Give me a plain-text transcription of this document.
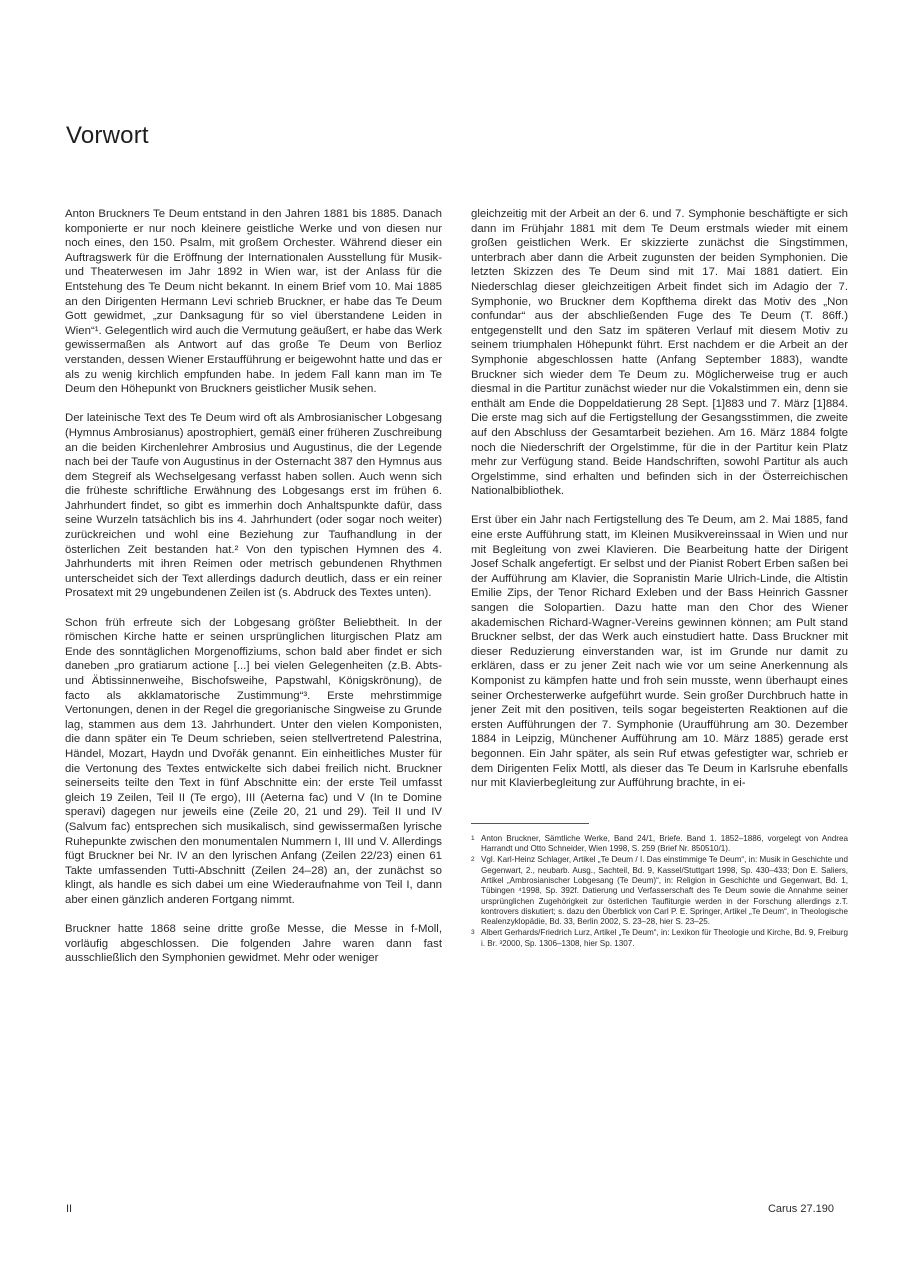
Vorwort

Anton Bruckners Te Deum entstand in den Jahren 1881 bis 1885. Danach komponierte er nur noch kleinere geistliche Werke und von diesen nur noch eines, den 150. Psalm, mit großem Orchester. Während dieser ein Auftragswerk für die Eröffnung der Internationalen Ausstellung für Musik- und Theaterwesen im Jahr 1892 in Wien war, ist der Anlass für die Entstehung des Te Deum nicht bekannt. In einem Brief vom 10. Mai 1885 an den Dirigenten Hermann Levi schrieb Bruckner, er habe das Te Deum Gott gewidmet, „zur Danksagung für so viel überstandene Leiden in Wien“¹. Gelegentlich wird auch die Vermutung geäußert, er habe das Werk gewissermaßen als Antwort auf das große Te Deum von Berlioz verstanden, dessen Wiener Erstaufführung er beigewohnt hatte und das er als zu wenig kirchlich empfunden habe. In jedem Fall kann man im Te Deum den Höhepunkt von Bruckners geistlicher Musik sehen.

Der lateinische Text des Te Deum wird oft als Ambrosianischer Lobgesang (Hymnus Ambrosianus) apostrophiert, gemäß einer früheren Zuschreibung an die beiden Kirchenlehrer Ambrosius und Augustinus, die der Legende nach bei der Taufe von Augustinus in der Osternacht 387 den Hymnus aus dem Stegreif als Wechselgesang verfasst haben sollen. Auch wenn sich die früheste schriftliche Erwähnung des Lobgesangs erst im frühen 6. Jahrhundert findet, so gibt es immerhin doch Anhaltspunkte dafür, dass seine Wurzeln tatsächlich bis ins 4. Jahrhundert (oder sogar noch weiter) zurückreichen und wohl eine Beziehung zur Taufhandlung in der österlichen Zeit bestanden hat.² Von den typischen Hymnen des 4. Jahrhunderts mit ihren Reimen oder metrisch gebundenen Rhythmen unterscheidet sich der Text allerdings dadurch deutlich, dass er ein reiner Prosatext mit 29 ungebundenen Zeilen ist (s. Abdruck des Textes unten).

Schon früh erfreute sich der Lobgesang größter Beliebtheit. In der römischen Kirche hatte er seinen ursprünglichen liturgischen Platz am Ende des sonntäglichen Morgenoffiziums, schon bald aber findet er sich daneben „pro gratiarum actione [...] bei vielen Gelegenheiten (z.B. Abts- und Äbtissinnenweihe, Bischofsweihe, Papstwahl, Königskrönung), de facto als akklamatorische Zustimmung“³. Erste mehrstimmige Vertonungen, denen in der Regel die gregorianische Singweise zu Grunde lag, stammen aus dem 13. Jahrhundert. Unter den vielen Komponisten, die dann später ein Te Deum schrieben, seien stellvertretend Palestrina, Händel, Mozart, Haydn und Dvořák genannt. Ein einheitliches Muster für die Vertonung des Textes entwickelte sich dabei freilich nicht. Bruckner seinerseits teilte den Text in fünf Abschnitte ein: der erste Teil umfasst gleich 19 Zeilen, Teil II (Te ergo), III (Aeterna fac) und V (In te Domine speravi) dagegen nur jeweils eine (Zeile 20, 21 und 29). Teil II und IV (Salvum fac) entsprechen sich musikalisch, sind gewissermaßen lyrische Ruhepunkte zwischen den monumentalen Nummern I, III und V. Allerdings fügt Bruckner bei Nr. IV an den lyrischen Anfang (Zeilen 22/23) einen 61 Takte umfassenden Tutti-Abschnitt (Zeilen 24–28) an, der zunächst so klingt, als handle es sich dabei um eine Wiederaufnahme von Teil I, dann aber einen gänzlich anderen Fortgang nimmt.

Bruckner hatte 1868 seine dritte große Messe, die Messe in f-Moll, vorläufig abgeschlossen. Die folgenden Jahre waren dann fast ausschließlich den Symphonien gewidmet. Mehr oder weniger

gleichzeitig mit der Arbeit an der 6. und 7. Symphonie beschäftigte er sich dann im Frühjahr 1881 mit dem Te Deum erstmals wieder mit einem großen geistlichen Werk. Er skizzierte zunächst die Singstimmen, unterbrach aber dann die Arbeit zugunsten der beiden Symphonien. Die letzten Skizzen des Te Deum sind mit 17. Mai 1881 datiert. Ein Niederschlag dieser gleichzeitigen Arbeit findet sich im Adagio der 7. Symphonie, wo Bruckner dem Kopfthema direkt das Motiv des „Non confundar“ aus der abschließenden Fuge des Te Deum (T. 86ff.) entgegenstellt und den Satz im späteren Verlauf mit diesem Motiv zu seinem triumphalen Höhepunkt führt. Erst nachdem er die Arbeit an der Symphonie abgeschlossen hatte (Anfang September 1883), wandte Bruckner sich wieder dem Te Deum zu. Möglicherweise trug er auch diesmal in die Partitur zunächst wieder nur die Vokalstimmen ein, denn sie enthält am Ende die Doppeldatierung 28 Sept. [1]883 und 7. März [1]884. Die erste mag sich auf die Fertigstellung der Gesangsstimmen, die zweite auf den Abschluss der Gesamtarbeit beziehen. Am 16. März 1884 folgte noch die Niederschrift der Orgelstimme, für die in der Partitur kein Platz mehr zur Verfügung stand. Beide Handschriften, sowohl Partitur als auch Orgelstimme, sind erhalten und befinden sich in der Österreichischen Nationalbibliothek.

Erst über ein Jahr nach Fertigstellung des Te Deum, am 2. Mai 1885, fand eine erste Aufführung statt, im Kleinen Musikvereinssaal in Wien und nur mit Begleitung von zwei Klavieren. Die Bearbeitung hatte der Dirigent Josef Schalk angefertigt. Er selbst und der Pianist Robert Erben saßen bei der Aufführung am Klavier, die Sopranistin Marie Ulrich-Linde, die Altistin Emilie Zips, der Tenor Richard Exleben und der Bass Heinrich Gassner sangen die Solopartien. Dazu hatte man den Chor des Wiener akademischen Richard-Wagner-Vereins gewinnen können; am Pult stand Bruckner selbst, der das Werk auch einstudiert hatte. Dass Bruckner mit dieser Reduzierung einverstanden war, ist im Grunde nur damit zu erklären, dass er zu jener Zeit nach wie vor um seine Anerkennung als Komponist zu kämpfen hatte und froh sein musste, wenn überhaupt eines seiner Orchesterwerke aufgeführt wurde. Sein großer Durchbruch hatte in jener Zeit mit den positiven, teils sogar begeisterten Reaktionen auf die ersten Aufführungen der 7. Symphonie (Uraufführung am 30. Dezember 1884 in Leipzig, Münchener Aufführung am 10. März 1885) gerade erst begonnen. Ein Jahr später, als sein Ruf etwas gefestigter war, schrieb er dem Dirigenten Felix Mottl, als dieser das Te Deum in Karlsruhe ebenfalls nur mit Klavierbegleitung zur Aufführung brachte, in ei-

1 Anton Bruckner, Sämtliche Werke, Band 24/1, Briefe. Band 1. 1852–1886, vorgelegt von Andrea Harrandt und Otto Schneider, Wien 1998, S. 259 (Brief Nr. 850510/1).
2 Vgl. Karl-Heinz Schlager, Artikel „Te Deum / I. Das einstimmige Te Deum“, in: Musik in Geschichte und Gegenwart, 2., neubarb. Ausg., Sachteil, Bd. 9, Kassel/Stuttgart 1998, Sp. 430–433; Don E. Saliers, Artikel „Ambrosianischer Lobgesang (Te Deum)“, in: Religion in Geschichte und Gegenwart, Bd. 1, Tübingen ⁴1998, Sp. 392f. Datierung und Verfasserschaft des Te Deum sowie die Annahme seiner ursprünglichen Zugehörigkeit zur österlichen Taufliturgie werden in der Forschung allerdings z.T. kontrovers diskutiert; s. dazu den Überblick von Carl P. E. Springer, Artikel „Te Deum“, in Theologische Realenzyklopädie, Bd. 33, Berlin 2002, S. 23–28, hier S. 23–25.
3 Albert Gerhards/Friedrich Lurz, Artikel „Te Deum“, in: Lexikon für Theologie und Kirche, Bd. 9, Freiburg i. Br. ³2000, Sp. 1306–1308, hier Sp. 1307.
II	Carus 27.190
